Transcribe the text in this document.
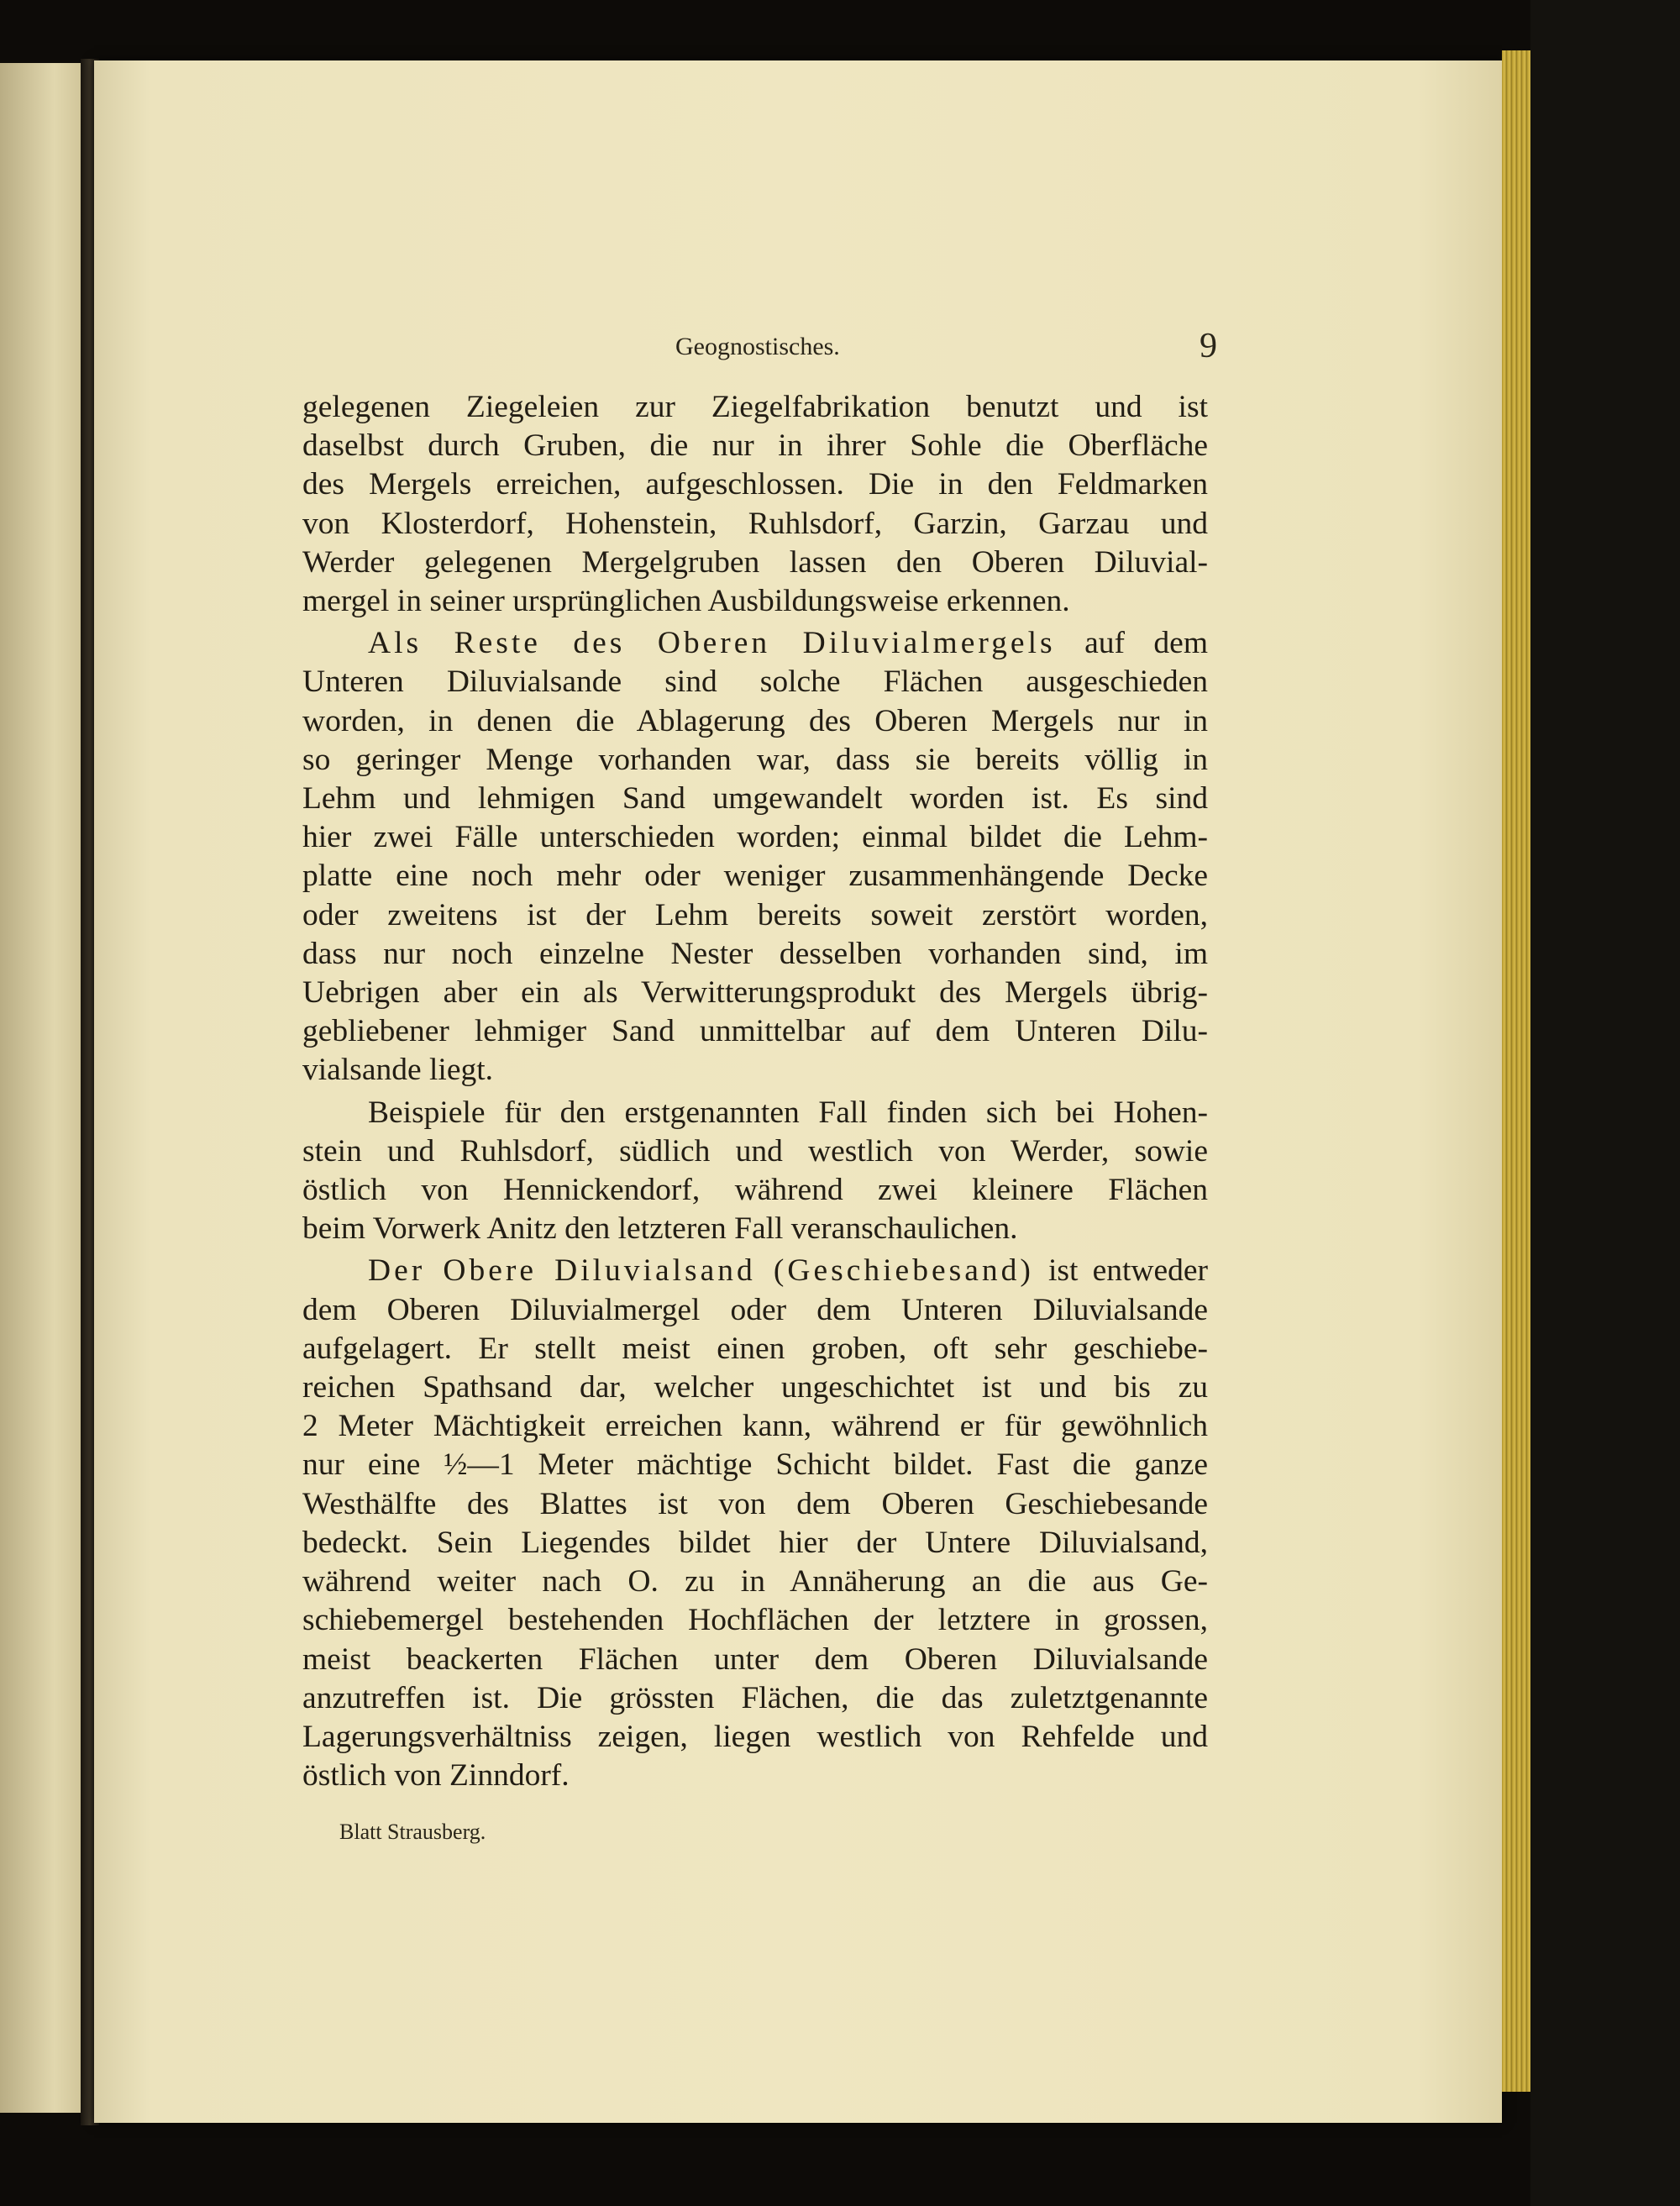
Geognostisches.	9
gelegenen Ziegeleien zur Ziegelfabrikation benutzt und ist
daselbst durch Gruben, die nur in ihrer Sohle die Oberfläche
des Mergels erreichen, aufgeschlossen. Die in den Feldmarken
von Klosterdorf, Hohenstein, Ruhlsdorf, Garzin, Garzau und
Werder gelegenen Mergelgruben lassen den Oberen Diluvial-
mergel in seiner ursprünglichen Ausbildungsweise erkennen.
Als Reste des Oberen Diluvialmergels auf dem
Unteren Diluvialsande sind solche Flächen ausgeschieden
worden, in denen die Ablagerung des Oberen Mergels nur in
so geringer Menge vorhanden war, dass sie bereits völlig in
Lehm und lehmigen Sand umgewandelt worden ist. Es sind
hier zwei Fälle unterschieden worden; einmal bildet die Lehm-
platte eine noch mehr oder weniger zusammenhängende Decke
oder zweitens ist der Lehm bereits soweit zerstört worden,
dass nur noch einzelne Nester desselben vorhanden sind, im
Uebrigen aber ein als Verwitterungsprodukt des Mergels übrig-
gebliebener lehmiger Sand unmittelbar auf dem Unteren Dilu-
vialsande liegt.
Beispiele für den erstgenannten Fall finden sich bei Hohen-
stein und Ruhlsdorf, südlich und westlich von Werder, sowie
östlich von Hennickendorf, während zwei kleinere Flächen
beim Vorwerk Anitz den letzteren Fall veranschaulichen.
Der Obere Diluvialsand (Geschiebesand) ist entweder
dem Oberen Diluvialmergel oder dem Unteren Diluvialsande
aufgelagert. Er stellt meist einen groben, oft sehr geschiebe-
reichen Spathsand dar, welcher ungeschichtet ist und bis zu
2 Meter Mächtigkeit erreichen kann, während er für gewöhnlich
nur eine ½—1 Meter mächtige Schicht bildet. Fast die ganze
Westhälfte des Blattes ist von dem Oberen Geschiebesande
bedeckt. Sein Liegendes bildet hier der Untere Diluvialsand,
während weiter nach O. zu in Annäherung an die aus Ge-
schiebemergel bestehenden Hochflächen der letztere in grossen,
meist beackerten Flächen unter dem Oberen Diluvialsande
anzutreffen ist. Die grössten Flächen, die das zuletztgenannte
Lagerungsverhältniss zeigen, liegen westlich von Rehfelde und
östlich von Zinndorf.
Blatt Strausberg.
